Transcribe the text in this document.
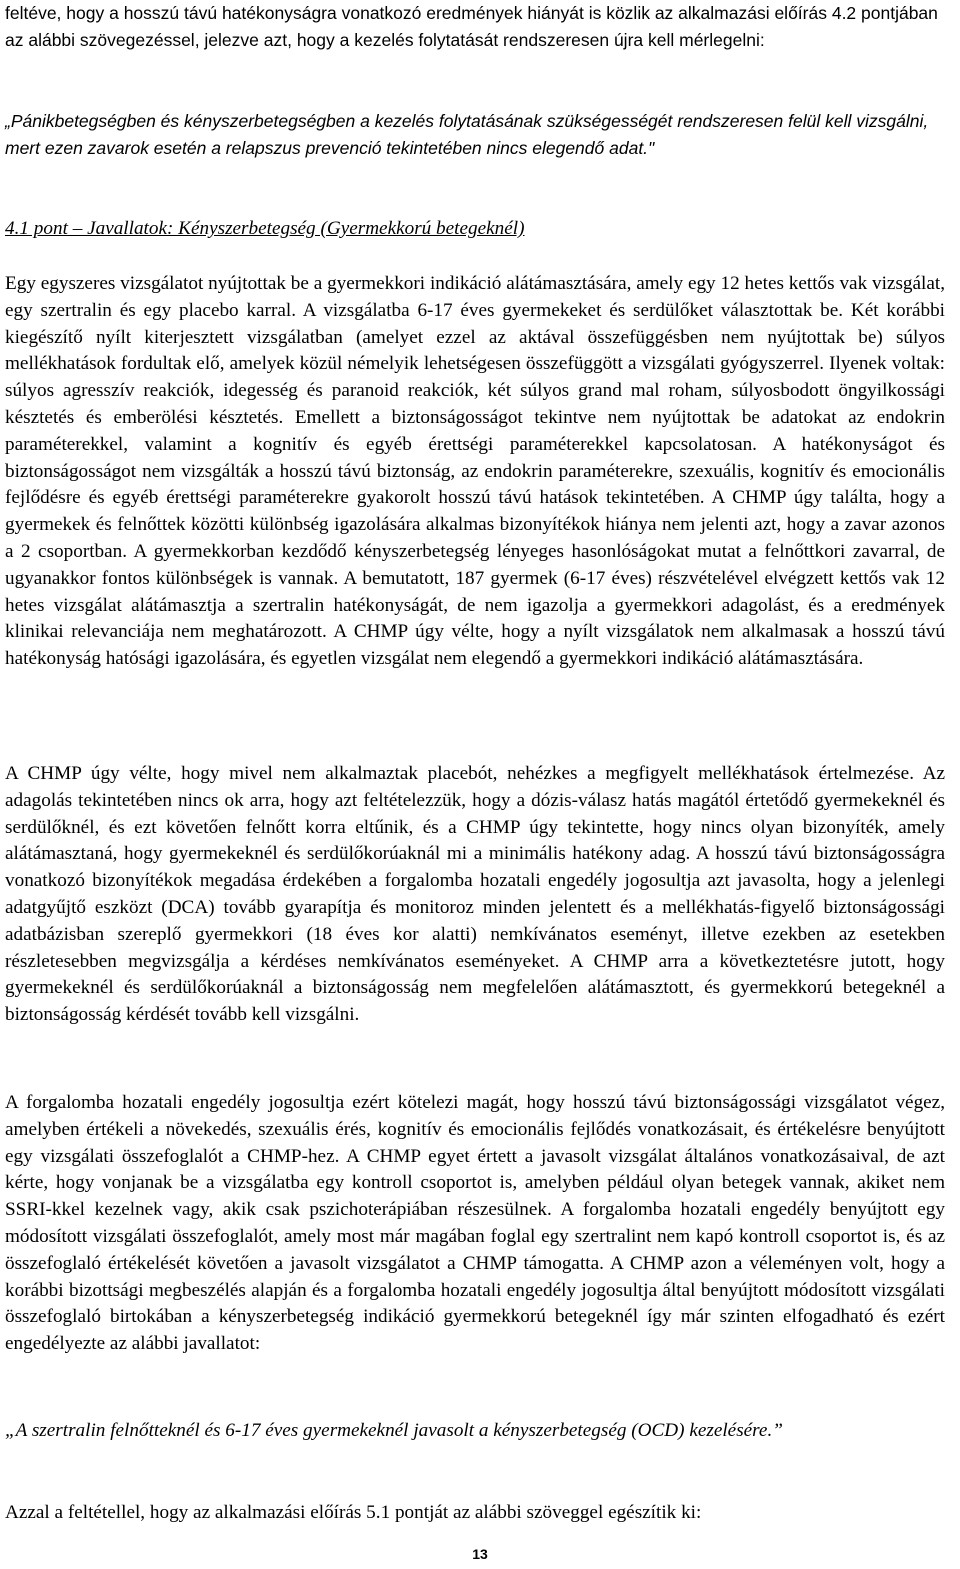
feltéve, hogy a hosszú távú hatékonyságra vonatkozó eredmények hiányát is közlik az alkalmazási előírás 4.2 pontjában az alábbi szövegezéssel, jelezve azt, hogy a kezelés folytatását rendszeresen újra kell mérlegelni:

„Pánikbetegségben és kényszerbetegségben a kezelés folytatásának szükségességét rendszeresen felül kell vizsgálni, mert ezen zavarok esetén a relapszus prevenció tekintetében nincs elegendő adat."

4.1 pont – Javallatok: Kényszerbetegség (Gyermekkorú betegeknél)

Egy egyszeres vizsgálatot nyújtottak be a gyermekkori indikáció alátámasztására, amely egy 12 hetes kettős vak vizsgálat, egy szertralin és egy placebo karral. A vizsgálatba 6-17 éves gyermekeket és serdülőket választottak be. Két korábbi kiegészítő nyílt kiterjesztett vizsgálatban (amelyet ezzel az aktával összefüggésben nem nyújtottak be) súlyos mellékhatások fordultak elő, amelyek közül némelyik lehetségesen összefüggött a vizsgálati gyógyszerrel. Ilyenek voltak: súlyos agresszív reakciók, idegesség és paranoid reakciók, két súlyos grand mal roham, súlyosbodott öngyilkossági késztetés és emberölési késztetés. Emellett a biztonságosságot tekintve nem nyújtottak be adatokat az endokrin paraméterekkel, valamint a kognitív és egyéb érettségi paraméterekkel kapcsolatosan. A hatékonyságot és biztonságosságot nem vizsgálták a hosszú távú biztonság, az endokrin paraméterekre, szexuális, kognitív és emocionális fejlődésre és egyéb érettségi paraméterekre gyakorolt hosszú távú hatások tekintetében. A CHMP úgy találta, hogy a gyermekek és felnőttek közötti különbség igazolására alkalmas bizonyítékok hiánya nem jelenti azt, hogy a zavar azonos a 2 csoportban. A gyermekkorban kezdődő kényszerbetegség lényeges hasonlóságokat mutat a felnőttkori zavarral, de ugyanakkor fontos különbségek is vannak. A bemutatott, 187 gyermek (6-17 éves) részvételével elvégzett kettős vak 12 hetes vizsgálat alátámasztja a szertralin hatékonyságát, de nem igazolja a gyermekkori adagolást, és a eredmények klinikai relevanciája nem meghatározott. A CHMP úgy vélte, hogy a nyílt vizsgálatok nem alkalmasak a hosszú távú hatékonyság hatósági igazolására, és egyetlen vizsgálat nem elegendő a gyermekkori indikáció alátámasztására.

A CHMP úgy vélte, hogy mivel nem alkalmaztak placebót, nehézkes a megfigyelt mellékhatások értelmezése. Az adagolás tekintetében nincs ok arra, hogy azt feltételezzük, hogy a dózis-válasz hatás magától értetődő gyermekeknél és serdülőknél, és ezt követően felnőtt korra eltűnik, és a CHMP úgy tekintette, hogy nincs olyan bizonyíték, amely alátámasztaná, hogy gyermekeknél és serdülőkorúaknál mi a minimális hatékony adag. A hosszú távú biztonságosságra vonatkozó bizonyítékok megadása érdekében a forgalomba hozatali engedély jogosultja azt javasolta, hogy a jelenlegi adatgyűjtő eszközt (DCA) tovább gyarapítja és monitoroz minden jelentett és a mellékhatás-figyelő biztonságossági adatbázisban szereplő gyermekkori (18 éves kor alatti) nemkívánatos eseményt, illetve ezekben az esetekben részletesebben megvizsgálja a kérdéses nemkívánatos eseményeket. A CHMP arra a következtetésre jutott, hogy gyermekeknél és serdülőkorúaknál a biztonságosság nem megfelelően alátámasztott, és gyermekkorú betegeknél a biztonságosság kérdését tovább kell vizsgálni.

A forgalomba hozatali engedély jogosultja ezért kötelezi magát, hogy hosszú távú biztonságossági vizsgálatot végez, amelyben értékeli a növekedés, szexuális érés, kognitív és emocionális fejlődés vonatkozásait, és értékelésre benyújtott egy vizsgálati összefoglalót a CHMP-hez. A CHMP egyet értett a javasolt vizsgálat általános vonatkozásaival, de azt kérte, hogy vonjanak be a vizsgálatba egy kontroll csoportot is, amelyben például olyan betegek vannak, akiket nem SSRI-kkel kezelnek vagy, akik csak pszichoterápiában részesülnek. A forgalomba hozatali engedély benyújtott egy módosított vizsgálati összefoglalót, amely most már magában foglal egy szertralint nem kapó kontroll csoportot is, és az összefoglaló értékelését követően a javasolt vizsgálatot a CHMP támogatta. A CHMP azon a véleményen volt, hogy a korábbi bizottsági megbeszélés alapján és a forgalomba hozatali engedély jogosultja által benyújtott módosított vizsgálati összefoglaló birtokában a kényszerbetegség indikáció gyermekkorú betegeknél így már szinten elfogadható és ezért engedélyezte az alábbi javallatot:

„A szertralin felnőtteknél és 6-17 éves gyermekeknél javasolt a kényszerbetegség (OCD) kezelésére.”

Azzal a feltétellel, hogy az alkalmazási előírás 5.1 pontját az alábbi szöveggel egészítik ki:

13
